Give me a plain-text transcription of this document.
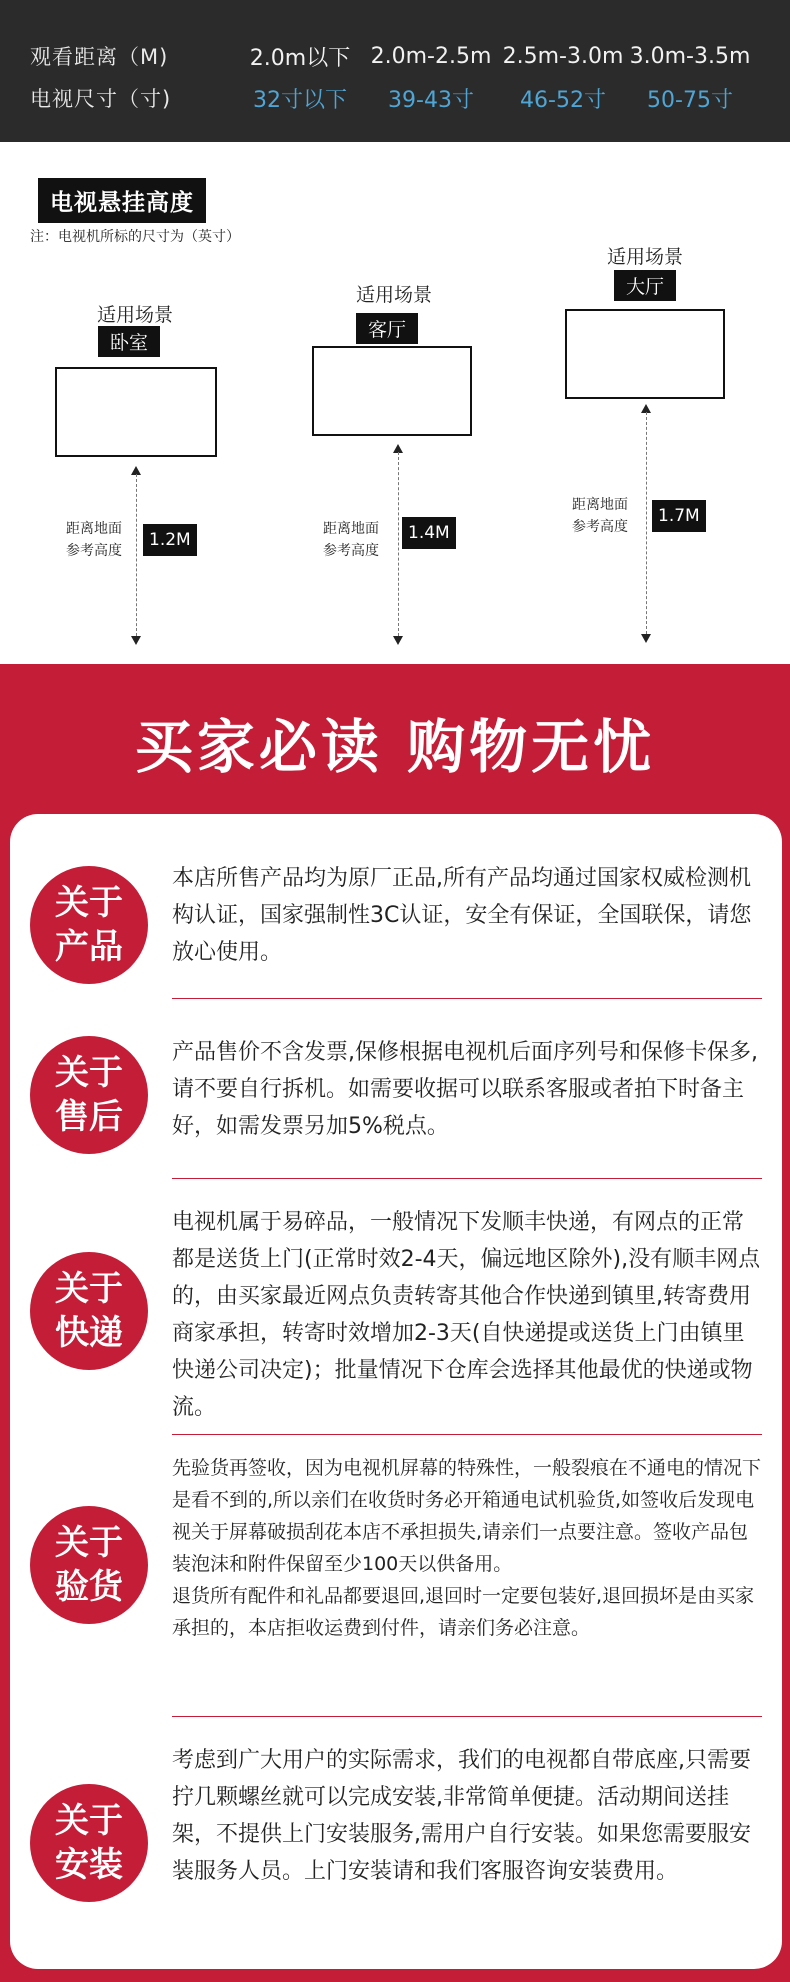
观看距离（M)	2.0m以下 2.0m-2.5m 2.5m-3.0m 3.0m-3.5m
电视尺寸（寸)	32寸以下	39-43寸	46-52寸	50-75寸
电视悬挂高度
注：电视机所标的尺寸为（英寸）
适用场景
卧室
距离地面
参考高度
1.2M
适用场景
客厅
距离地面
参考高度
1.4M
适用场景
大厅
距离地面
参考高度
1.7M
买家必读 购物无忧
关于
产品
本店所售产品均为原厂正品,所有产品均通过国家权威检测机构认证，国家强制性3C认证，安全有保证，全国联保，请您放心使用。
关于
售后
产品售价不含发票,保修根据电视机后面序列号和保修卡保多,请不要自行拆机。如需要收据可以联系客服或者拍下时备主好，如需发票另加5%税点。
关于
快递
电视机属于易碎品，一般情况下发顺丰快递，有网点的正常都是送货上门(正常时效2-4天，偏远地区除外),没有顺丰网点的，由买家最近网点负责转寄其他合作快递到镇里,转寄费用商家承担，转寄时效增加2-3天(自快递提或送货上门由镇里快递公司决定)；批量情况下仓库会选择其他最优的快递或物流。
关于
验货
先验货再签收，因为电视机屏幕的特殊性，一般裂痕在不通电的情况下是看不到的,所以亲们在收货时务必开箱通电试机验货,如签收后发现电视关于屏幕破损刮花本店不承担损失,请亲们一点要注意。签收产品包装泡沫和附件保留至少100天以供备用。
退货所有配件和礼品都要退回,退回时一定要包装好,退回损坏是由买家承担的，本店拒收运费到付件，请亲们务必注意。
关于
安装
考虑到广大用户的实际需求，我们的电视都自带底座,只需要拧几颗螺丝就可以完成安装,非常简单便捷。活动期间送挂架，不提供上门安装服务,需用户自行安装。如果您需要服安装服务人员。上门安装请和我们客服咨询安装费用。
